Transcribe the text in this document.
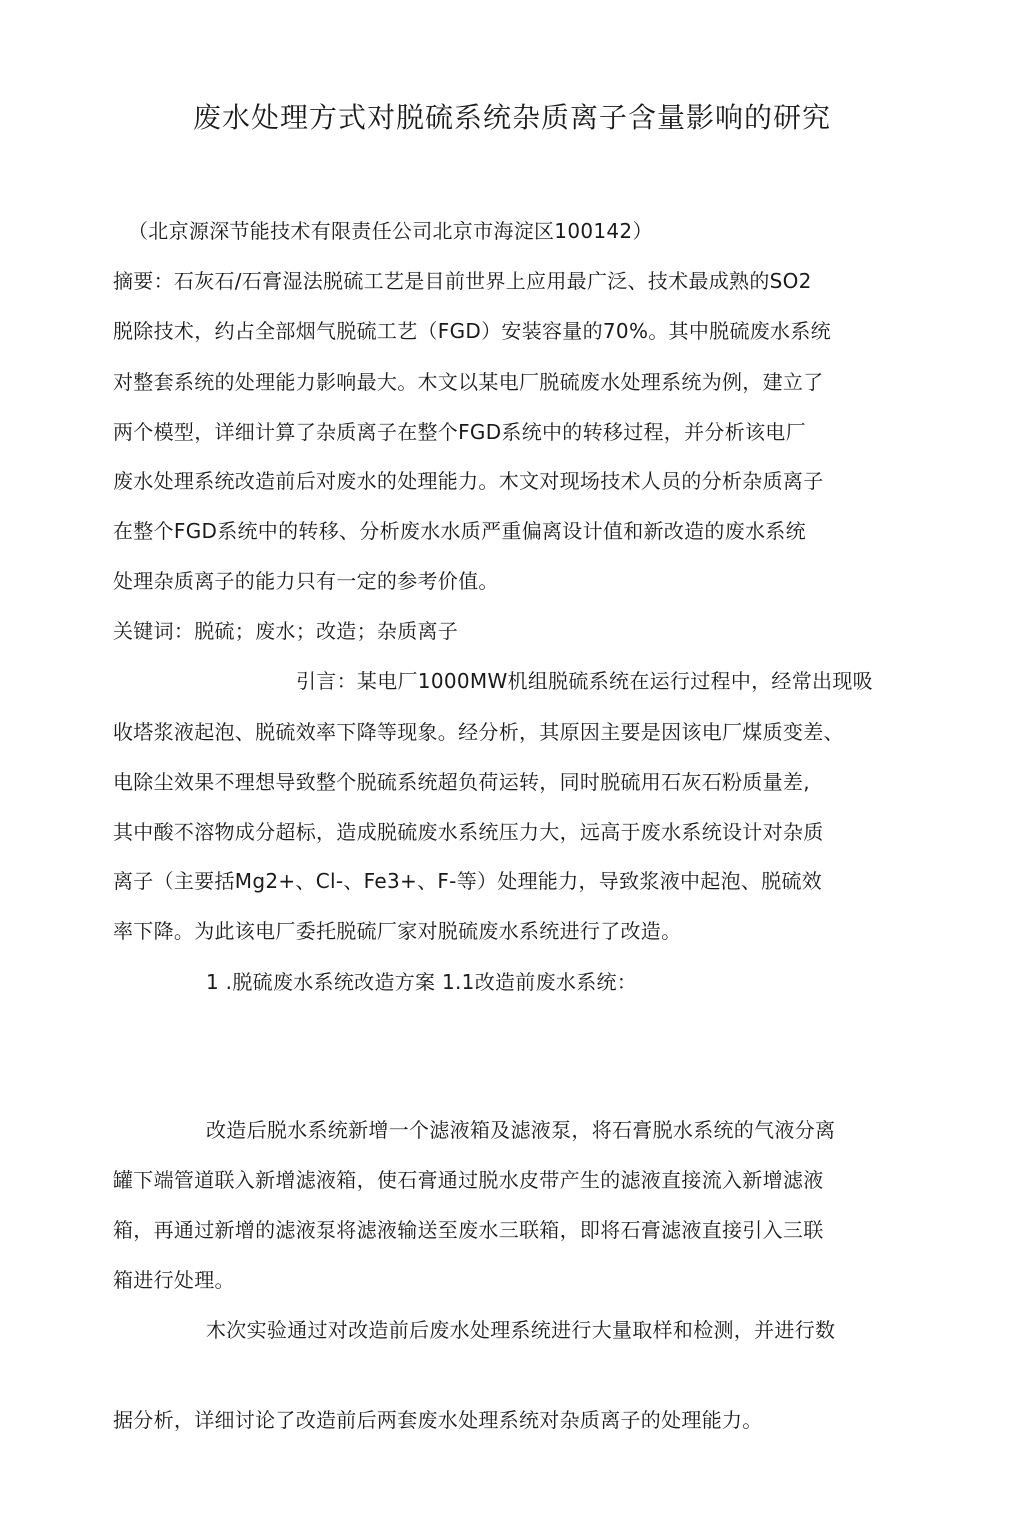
废水处理方式对脱硫系统杂质离子含量影响的研究
（北京源深节能技术有限责任公司北京市海淀区100142）
摘要：石灰石/石膏湿法脱硫工艺是目前世界上应用最广泛、技术最成熟的SO2
脱除技术，约占全部烟气脱硫工艺（FGD）安装容量的70%。其中脱硫废水系统
对整套系统的处理能力影响最大。木文以某电厂脱硫废水处理系统为例，建立了
两个模型，详细计算了杂质离子在整个FGD系统中的转移过程，并分析该电厂
废水处理系统改造前后对废水的处理能力。木文对现场技术人员的分析杂质离子
在整个FGD系统中的转移、分析废水水质严重偏离设计值和新改造的废水系统
处理杂质离子的能力只有一定的参考价值。
关键词：脱硫；废水；改造；杂质离子
引言：某电厂1000MW机组脱硫系统在运行过程中，经常出现吸
收塔浆液起泡、脱硫效率下降等现象。经分析，其原因主要是因该电厂煤质变差、
电除尘效果不理想导致整个脱硫系统超负荷运转，同时脱硫用石灰石粉质量差,
其中酸不溶物成分超标，造成脱硫废水系统压力大，远高于废水系统设计对杂质
离子（主要括Mg2+、Cl-、Fe3+、F-等）处理能力，导致浆液中起泡、脱硫效
率下降。为此该电厂委托脱硫厂家对脱硫废水系统进行了改造。
1 .脱硫废水系统改造方案 1.1改造前废水系统：
改造后脱水系统新增一个滤液箱及滤液泵，将石膏脱水系统的气液分离
罐下端管道联入新增滤液箱，使石膏通过脱水皮带产生的滤液直接流入新增滤液
箱，再通过新增的滤液泵将滤液输送至废水三联箱，即将石膏滤液直接引入三联
箱进行处理。
木次实验通过对改造前后废水处理系统进行大量取样和检测，并进行数
据分析，详细讨论了改造前后两套废水处理系统对杂质离子的处理能力。
